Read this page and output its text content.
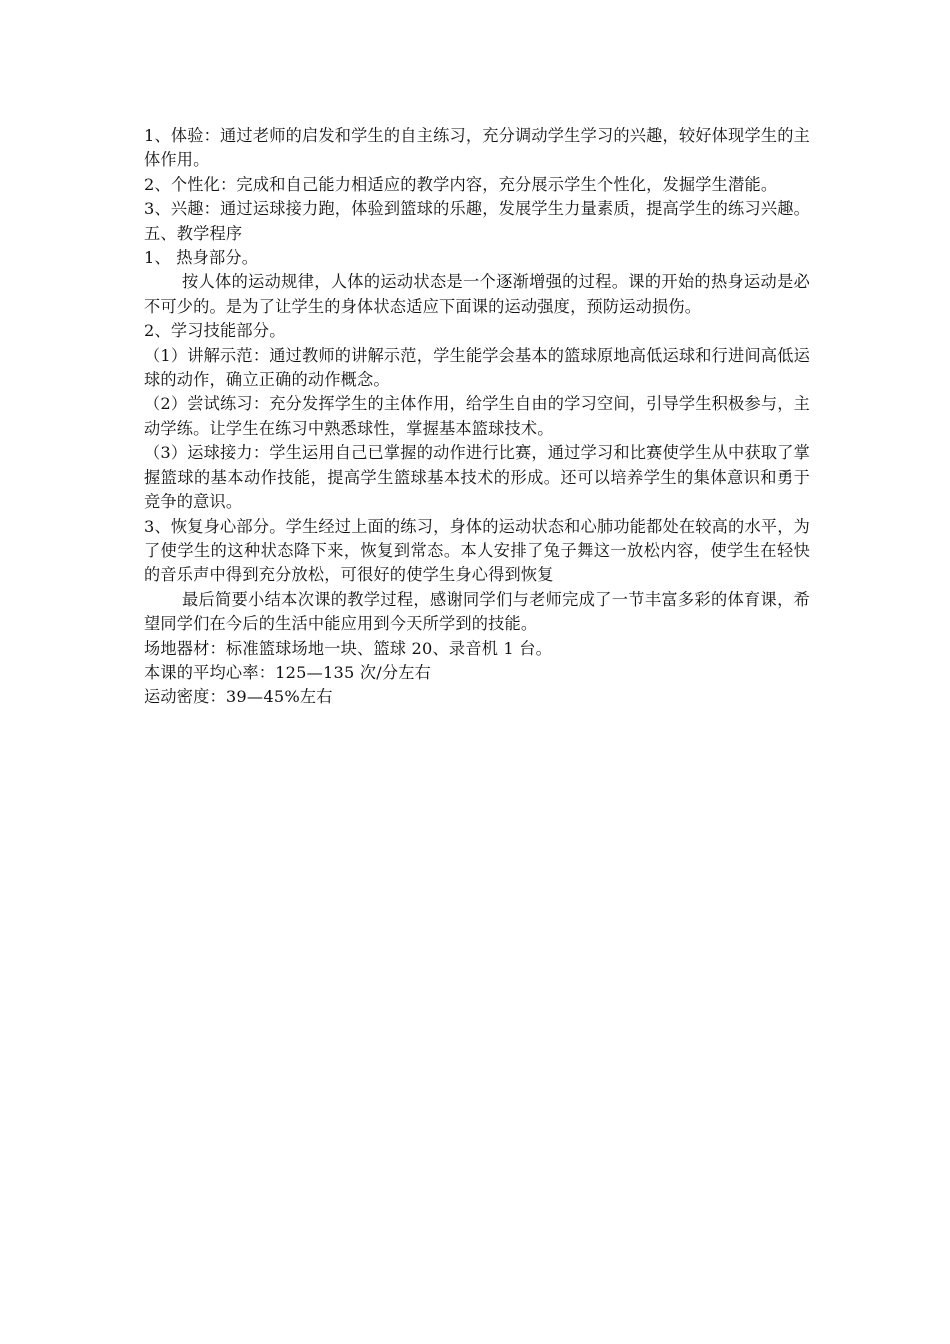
1、体验：通过老师的启发和学生的自主练习，充分调动学生学习的兴趣，较好体现学生的主体作用。

2、个性化：完成和自己能力相适应的教学内容，充分展示学生个性化，发掘学生潜能。

3、兴趣：通过运球接力跑，体验到篮球的乐趣，发展学生力量素质，提高学生的练习兴趣。

五、教学程序

1、 热身部分。

按人体的运动规律，人体的运动状态是一个逐渐增强的过程。课的开始的热身运动是必不可少的。是为了让学生的身体状态适应下面课的运动强度，预防运动损伤。

2、学习技能部分。

（1）讲解示范：通过教师的讲解示范，学生能学会基本的篮球原地高低运球和行进间高低运球的动作，确立正确的动作概念。

（2）尝试练习：充分发挥学生的主体作用，给学生自由的学习空间，引导学生积极参与，主动学练。让学生在练习中熟悉球性，掌握基本篮球技术。

（3）运球接力：学生运用自己已掌握的动作进行比赛，通过学习和比赛使学生从中获取了掌握篮球的基本动作技能，提高学生篮球基本技术的形成。还可以培养学生的集体意识和勇于竞争的意识。

3、恢复身心部分。学生经过上面的练习，身体的运动状态和心肺功能都处在较高的水平，为了使学生的这种状态降下来，恢复到常态。本人安排了兔子舞这一放松内容，使学生在轻快的音乐声中得到充分放松，可很好的使学生身心得到恢复

最后简要小结本次课的教学过程，感谢同学们与老师完成了一节丰富多彩的体育课，希望同学们在今后的生活中能应用到今天所学到的技能。

场地器材：标准篮球场地一块、篮球 20、录音机 1 台。

本课的平均心率：125—135 次/分左右

运动密度：39—45%左右
